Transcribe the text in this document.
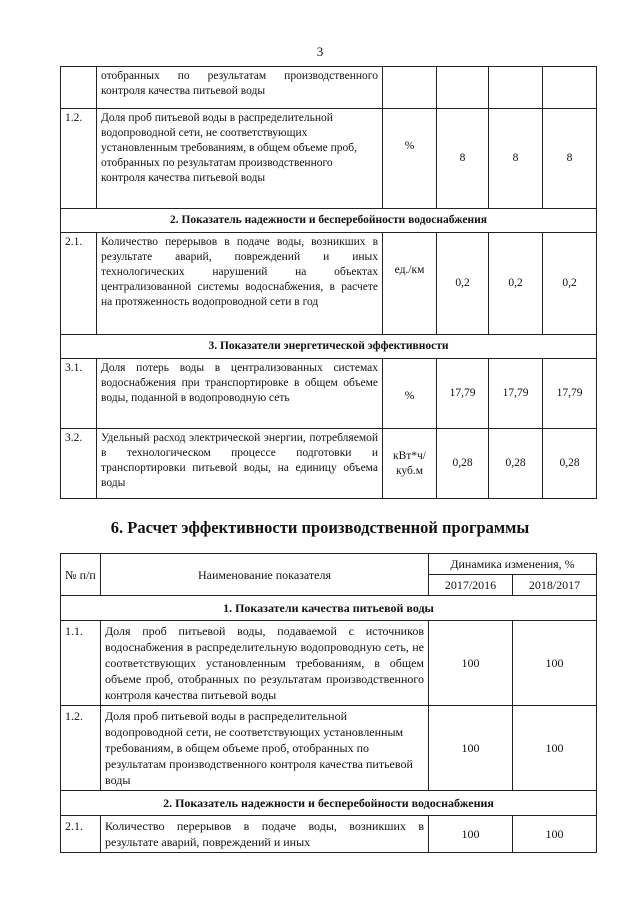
3
	отобранных по результатам производственного контроля качества питьевой воды				
1.2.	Доля проб питьевой воды в распределительной водопроводной сети, не соответствующих установленным требованиям, в общем объеме проб, отобранных по результатам производственного контроля качества питьевой воды	%	8	8	8
2. Показатель надежности и бесперебойности водоснабжения					
2.1.	Количество перерывов в подаче воды, возникших в результате аварий, повреждений и иных технологических нарушений на объектах централизованной системы водоснабжения, в расчете на протяженность водопроводной сети в год	ед./км	0,2	0,2	0,2
3. Показатели энергетической эффективности					
3.1.	Доля потерь воды в централизованных системах водоснабжения при транспортировке в общем объеме воды, поданной в водопроводную сеть	%	17,79	17,79	17,79
3.2.	Удельный расход электрической энергии, потребляемой в технологическом процессе подготовки и транспортировки питьевой воды, на единицу объема воды	кВт*ч/ куб.м	0,28	0,28	0,28
6. Расчет эффективности производственной программы
№ п/п	Наименование показателя	Динамика изменения, %	
		2017/2016	2018/2017
1. Показатели качества питьевой воды			
1.1.	Доля проб питьевой воды, подаваемой с источников водоснабжения в распределительную водопроводную сеть, не соответствующих установленным требованиям, в общем объеме проб, отобранных по результатам производственного контроля качества питьевой воды	100	100
1.2.	Доля проб питьевой воды в распределительной водопроводной сети, не соответствующих установленным требованиям, в общем объеме проб, отобранных по результатам производственного контроля качества питьевой воды	100	100
2. Показатель надежности и бесперебойности водоснабжения			
2.1.	Количество перерывов в подаче воды, возникших в результате аварий, повреждений и иных	100	100
